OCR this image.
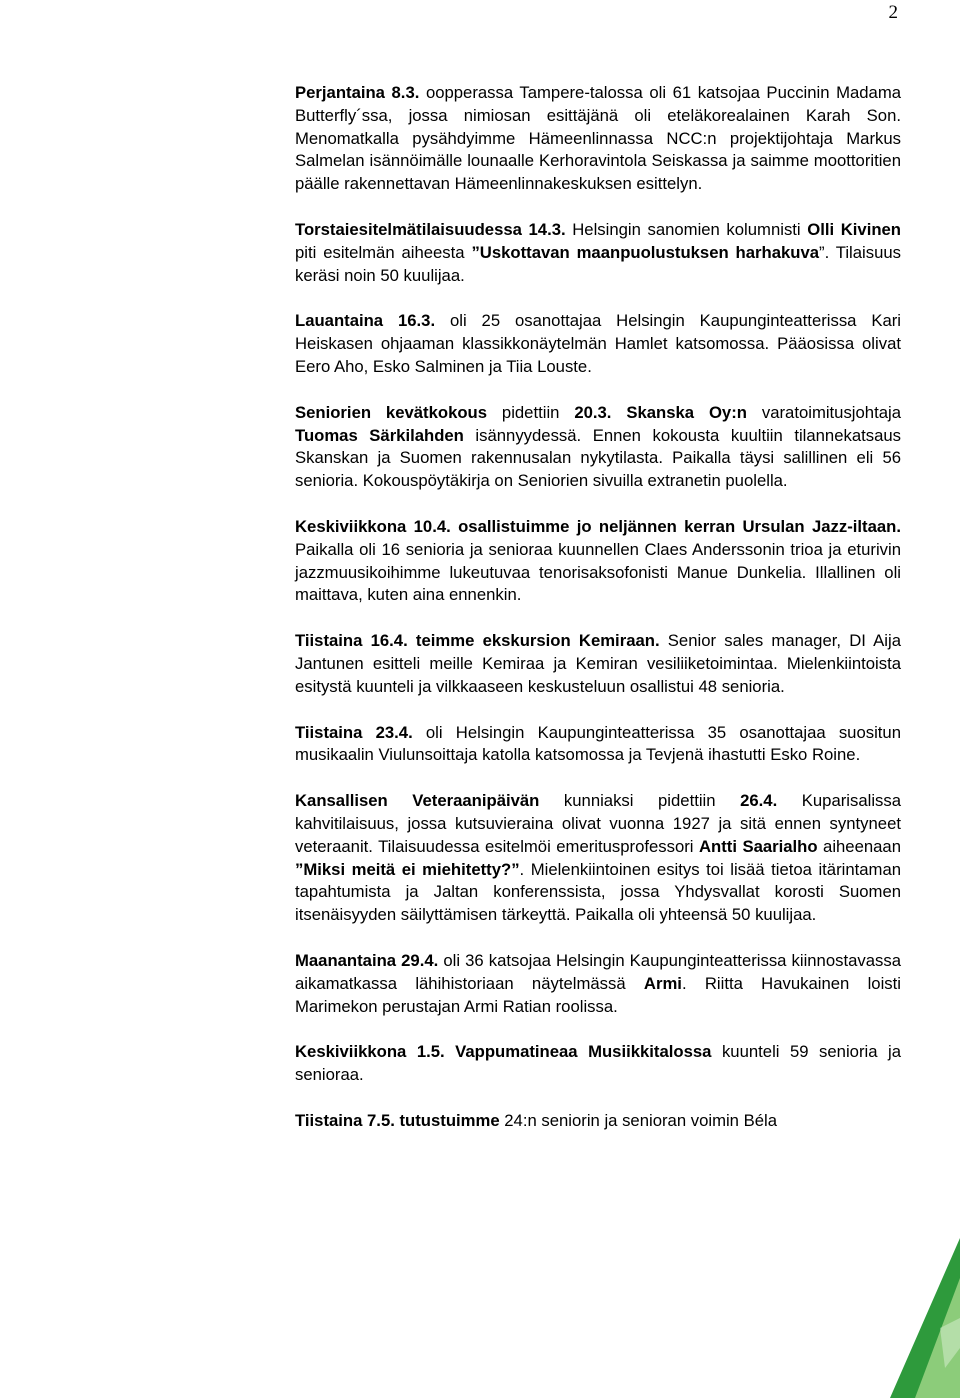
2

Perjantaina 8.3. oopperassa Tampere-talossa oli 61 katsojaa Puccinin Madama Butterfly´ssa, jossa nimiosan esittäjänä oli eteläkorealainen Karah Son. Menomatkalla pysähdyimme Hämeenlinnassa NCC:n projektijohtaja Markus Salmelan isännöimälle lounaalle Kerhoravintola Seiskassa ja saimme moottoritien päälle rakennettavan Hämeenlinnakeskuksen esittelyn.

Torstaiesitelmätilaisuudessa 14.3. Helsingin sanomien kolumnisti Olli Kivinen piti esitelmän aiheesta ”Uskottavan maanpuolustuksen harhakuva”. Tilaisuus keräsi noin 50 kuulijaa.

Lauantaina 16.3. oli 25 osanottajaa Helsingin Kaupunginteatterissa Kari Heiskasen ohjaaman klassikkonäytelmän Hamlet katsomossa. Pääosissa olivat Eero Aho, Esko Salminen ja Tiia Louste.

Seniorien kevätkokous pidettiin 20.3. Skanska Oy:n varatoimitusjohtaja Tuomas Särkilahden isännyydessä. Ennen kokousta kuultiin tilannekatsaus Skanskan ja Suomen rakennusalan nykytilasta. Paikalla täysi salillinen eli 56 senioria. Kokouspöytäkirja on Seniorien sivuilla extranetin puolella.

Keskiviikkona 10.4. osallistuimme jo neljännen kerran Ursulan Jazz-iltaan. Paikalla oli 16 senioria ja senioraa kuunnellen Claes Anderssonin trioa ja eturivin jazzmuusikoihimme lukeutuvaa tenorisaksofonisti Manue Dunkelia. Illallinen oli maittava, kuten aina ennenkin.

Tiistaina 16.4. teimme ekskursion Kemiraan. Senior sales manager, DI Aija Jantunen esitteli meille Kemiraa ja Kemiran vesiliiketoimintaa. Mielenkiintoista esitystä kuunteli ja vilkkaaseen keskusteluun osallistui 48 senioria.

Tiistaina 23.4. oli Helsingin Kaupunginteatterissa 35 osanottajaa suositun musikaalin Viulunsoittaja katolla katsomossa ja Tevjenä ihastutti Esko Roine.

Kansallisen Veteraanipäivän kunniaksi pidettiin 26.4. Kuparisalissa kahvitilaisuus, jossa kutsuvieraina olivat vuonna 1927 ja sitä ennen syntyneet veteraanit. Tilaisuudessa esitelmöi emeritusprofessori Antti Saarialho aiheenaan ”Miksi meitä ei miehitetty?”. Mielenkiintoinen esitys toi lisää tietoa itärintaman tapahtumista ja Jaltan konferenssista, jossa Yhdysvallat korosti Suomen itsenäisyyden säilyttämisen tärkeyttä. Paikalla oli yhteensä 50 kuulijaa.

Maanantaina 29.4. oli 36 katsojaa Helsingin Kaupunginteatterissa kiinnostavassa aikamatkassa lähihistoriaan näytelmässä Armi. Riitta Havukainen loisti Marimekon perustajan Armi Ratian roolissa.

Keskiviikkona 1.5. Vappumatineaa Musiikkitalossa kuunteli 59 senioria ja senioraa.

Tiistaina 7.5. tutustuimme 24:n seniorin ja senioran voimin Béla
